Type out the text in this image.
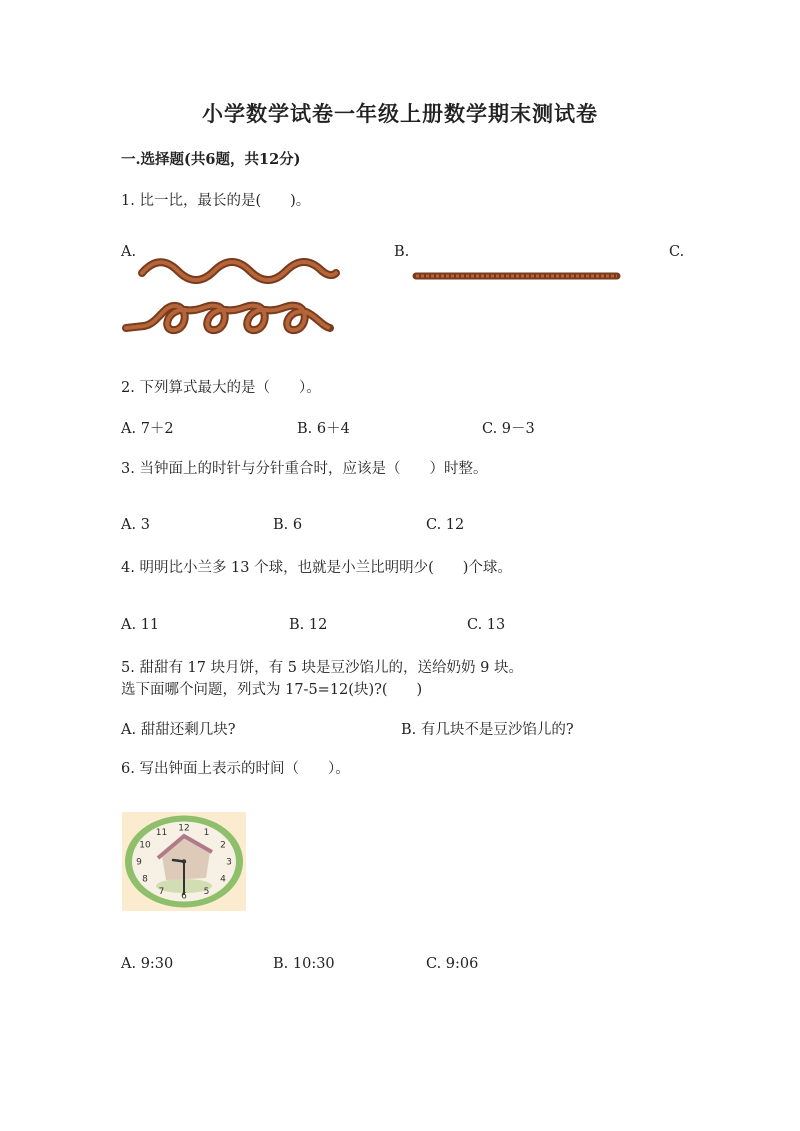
小学数学试卷一年级上册数学期末测试卷
一.选择题(共6题，共12分)
1. 比一比，最长的是(　　)。
A.	B.	C.
2. 下列算式最大的是（　　）。
A. 7＋2	B. 6＋4	C. 9－3
3. 当钟面上的时针与分针重合时，应该是（　　）时整。
A. 3	B. 6	C. 12
4. 明明比小兰多 13 个球，也就是小兰比明明少(　　)个球。
A. 11	B. 12	C. 13
5. 甜甜有 17 块月饼，有 5 块是豆沙馅儿的，送给奶奶 9 块。
选下面哪个问题，列式为 17-5=12(块)?(　　)
A. 甜甜还剩几块?	B. 有几块不是豆沙馅儿的?
6. 写出钟面上表示的时间（　　）。
12 1
2
3
4
5
6
7
8
9
10
11
A. 9:30	B. 10:30	C. 9:06
